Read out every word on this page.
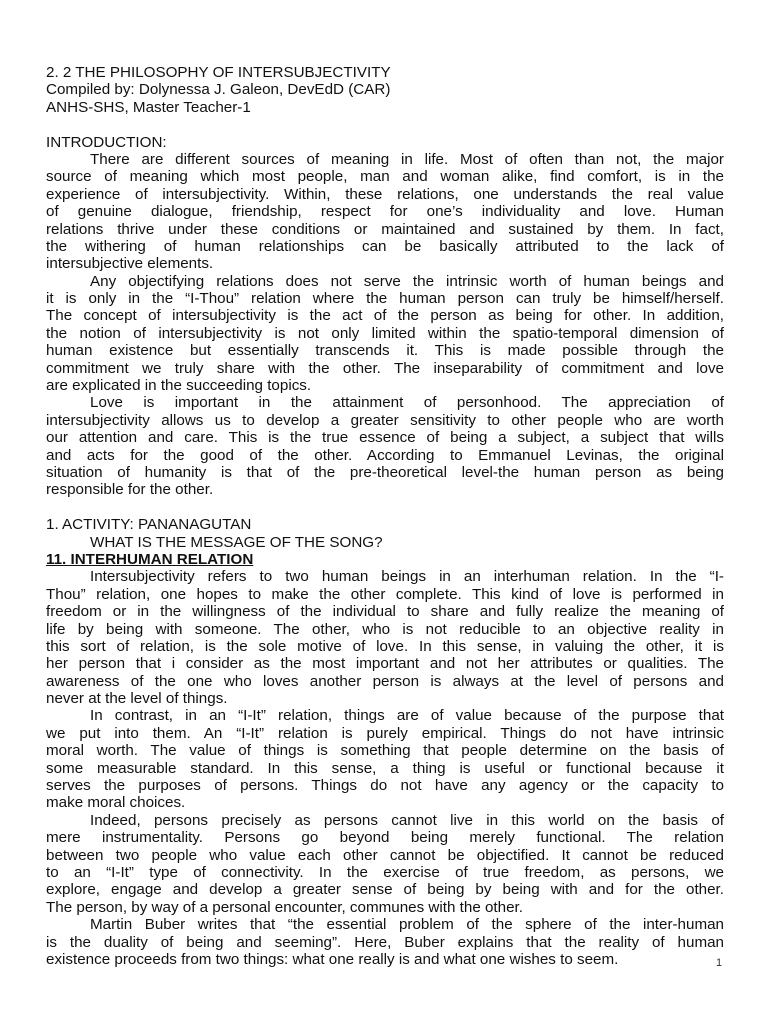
2. 2 THE PHILOSOPHY OF INTERSUBJECTIVITY
Compiled by: Dolynessa J. Galeon, DevEdD (CAR)
ANHS-SHS, Master Teacher-1
INTRODUCTION:
There are different sources of meaning in life. Most of often than not, the major
source of meaning which most people, man and woman alike, find comfort, is in the
experience of intersubjectivity. Within, these relations, one understands the real value
of genuine dialogue, friendship, respect for one’s individuality and love. Human
relations thrive under these conditions or maintained and sustained by them. In fact,
the withering of human relationships can be basically attributed to the lack of
intersubjective elements.
Any objectifying relations does not serve the intrinsic worth of human beings and
it is only in the “I-Thou” relation where the human person can truly be himself/herself.
The concept of intersubjectivity is the act of the person as being for other. In addition,
the notion of intersubjectivity is not only limited within the spatio-temporal dimension of
human existence but essentially transcends it. This is made possible through the
commitment we truly share with the other. The inseparability of commitment and love
are explicated in the succeeding topics.
Love is important in the attainment of personhood. The appreciation of
intersubjectivity allows us to develop a greater sensitivity to other people who are worth
our attention and care. This is the true essence of being a subject, a subject that wills
and acts for the good of the other. According to Emmanuel Levinas, the original
situation of humanity is that of the pre-theoretical level-the human person as being
responsible for the other.
1. ACTIVITY: PANANAGUTAN
WHAT IS THE MESSAGE OF THE SONG?
11. INTERHUMAN RELATION
Intersubjectivity refers to two human beings in an interhuman relation. In the “I-
Thou” relation, one hopes to make the other complete. This kind of love is performed in
freedom or in the willingness of the individual to share and fully realize the meaning of
life by being with someone. The other, who is not reducible to an objective reality in
this sort of relation, is the sole motive of love. In this sense, in valuing the other, it is
her person that i consider as the most important and not her attributes or qualities. The
awareness of the one who loves another person is always at the level of persons and
never at the level of things.
In contrast, in an “I-It” relation, things are of value because of the purpose that
we put into them. An “I-It” relation is purely empirical. Things do not have intrinsic
moral worth. The value of things is something that people determine on the basis of
some measurable standard. In this sense, a thing is useful or functional because it
serves the purposes of persons. Things do not have any agency or the capacity to
make moral choices.
Indeed, persons precisely as persons cannot live in this world on the basis of
mere instrumentality. Persons go beyond being merely functional. The relation
between two people who value each other cannot be objectified. It cannot be reduced
to an “I-It” type of connectivity. In the exercise of true freedom, as persons, we
explore, engage and develop a greater sense of being by being with and for the other.
The person, by way of a personal encounter, communes with the other.
Martin Buber writes that “the essential problem of the sphere of the inter-human
is the duality of being and seeming”. Here, Buber explains that the reality of human
existence proceeds from two things: what one really is and what one wishes to seem.	1
